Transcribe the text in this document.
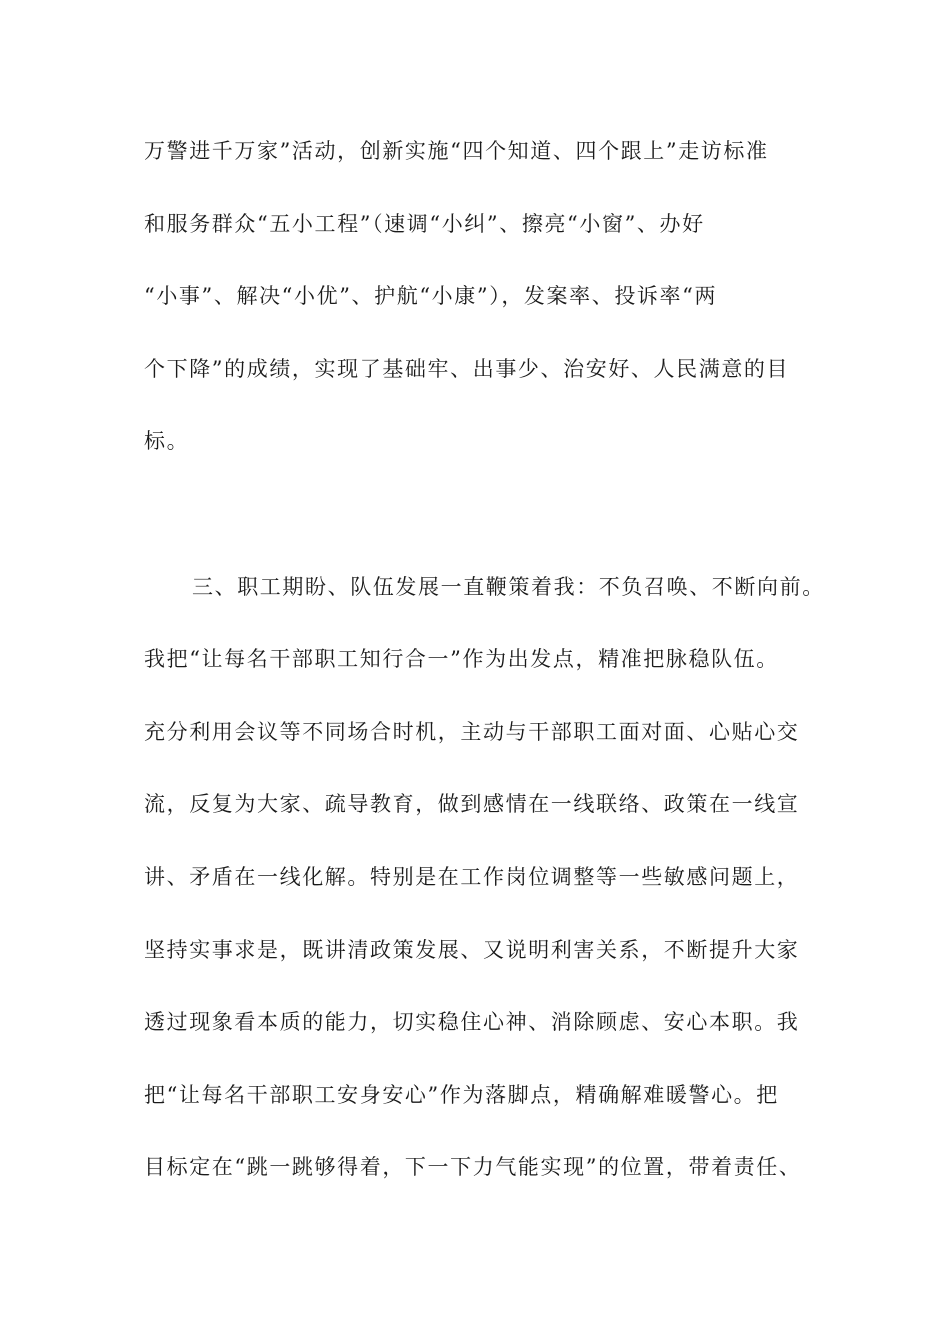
万警进千万家”活动，创新实施“四个知道、四个跟上”走访标准
和服务群众“五小工程”（速调“小纠”、擦亮“小窗”、办好
“小事”、解决“小优”、护航“小康”），发案率、投诉率“两
个下降”的成绩，实现了基础牢、出事少、治安好、人民满意的目
标。
三、职工期盼、队伍发展一直鞭策着我：不负召唤、不断向前。
我把“让每名干部职工知行合一”作为出发点，精准把脉稳队伍。
充分利用会议等不同场合时机，主动与干部职工面对面、心贴心交
流，反复为大家、疏导教育，做到感情在一线联络、政策在一线宣
讲、矛盾在一线化解。特别是在工作岗位调整等一些敏感问题上，
坚持实事求是，既讲清政策发展、又说明利害关系，不断提升大家
透过现象看本质的能力，切实稳住心神、消除顾虑、安心本职。我
把“让每名干部职工安身安心”作为落脚点，精确解难暖警心。把
目标定在“跳一跳够得着，下一下力气能实现”的位置，带着责任、
